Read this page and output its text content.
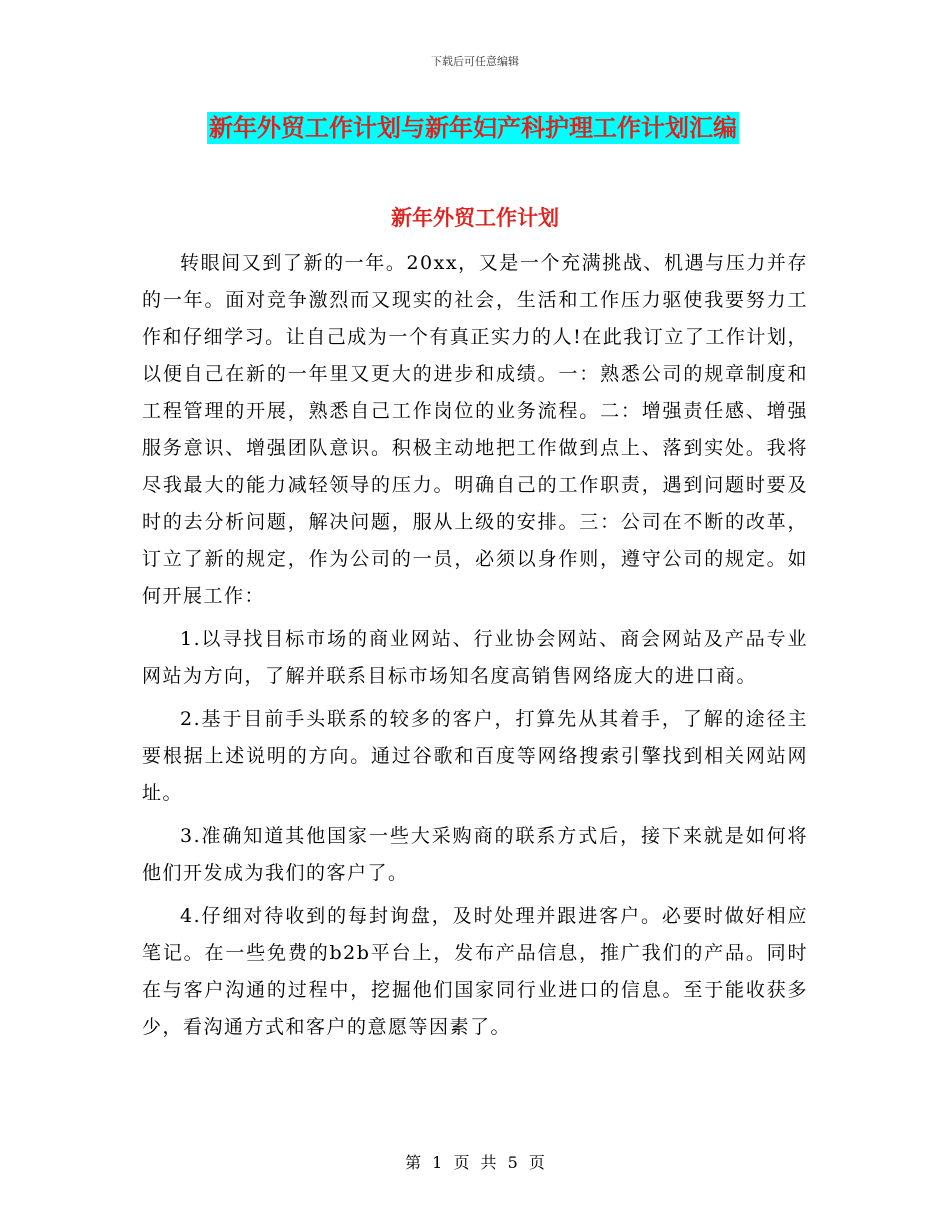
下载后可任意编辑
新年外贸工作计划与新年妇产科护理工作计划汇编
新年外贸工作计划

转眼间又到了新的一年。20xx，又是一个充满挑战、机遇与压力并存的一年。面对竞争激烈而又现实的社会，生活和工作压力驱使我要努力工作和仔细学习。让自己成为一个有真正实力的人!在此我订立了工作计划，以便自己在新的一年里又更大的进步和成绩。一：熟悉公司的规章制度和工程管理的开展，熟悉自己工作岗位的业务流程。二：增强责任感、增强服务意识、增强团队意识。积极主动地把工作做到点上、落到实处。我将尽我最大的能力减轻领导的压力。明确自己的工作职责，遇到问题时要及时的去分析问题，解决问题，服从上级的安排。三：公司在不断的改革，订立了新的规定，作为公司的一员，必须以身作则，遵守公司的规定。如何开展工作：

1.以寻找目标市场的商业网站、行业协会网站、商会网站及产品专业网站为方向，了解并联系目标市场知名度高销售网络庞大的进口商。

2.基于目前手头联系的较多的客户，打算先从其着手，了解的途径主要根据上述说明的方向。通过谷歌和百度等网络搜索引擎找到相关网站网址。

3.准确知道其他国家一些大采购商的联系方式后，接下来就是如何将他们开发成为我们的客户了。

4.仔细对待收到的每封询盘，及时处理并跟进客户。必要时做好相应笔记。在一些免费的b2b平台上，发布产品信息，推广我们的产品。同时在与客户沟通的过程中，挖掘他们国家同行业进口的信息。至于能收获多少，看沟通方式和客户的意愿等因素了。

第 1 页 共 5 页
